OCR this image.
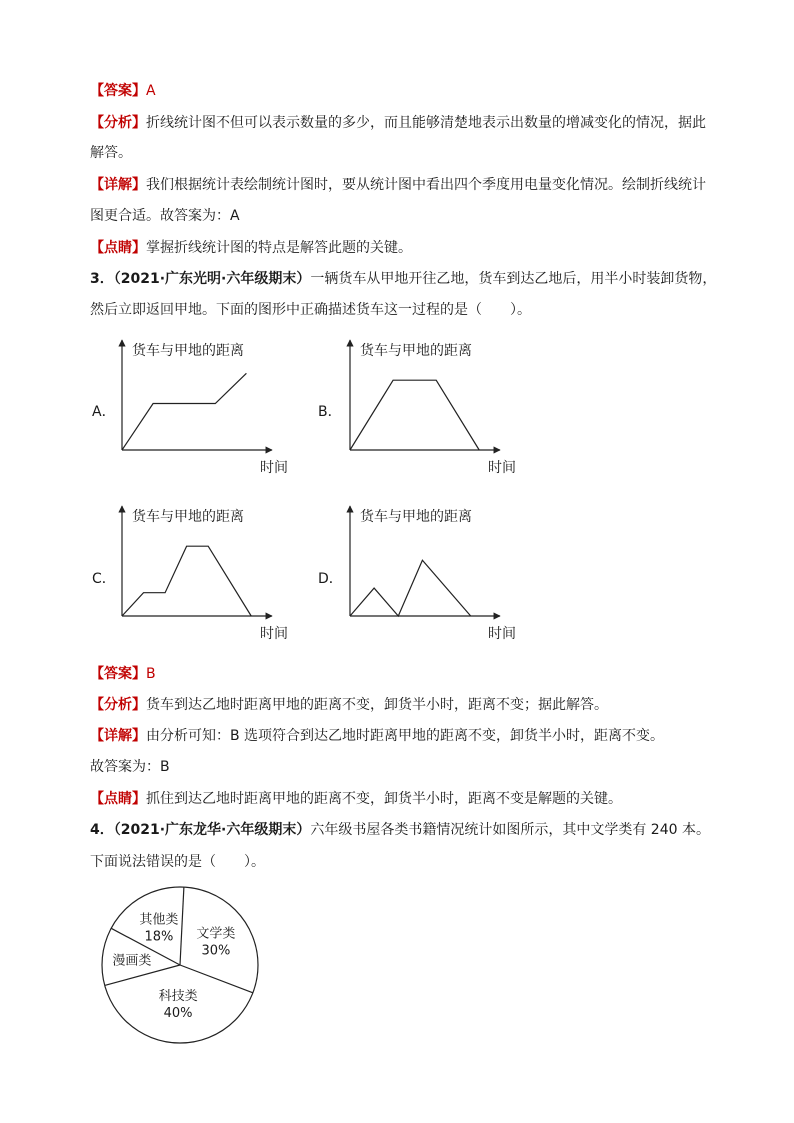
【答案】A
【分析】折线统计图不但可以表示数量的多少，而且能够清楚地表示出数量的增减变化的情况，据此
解答。
【详解】我们根据统计表绘制统计图时，要从统计图中看出四个季度用电量变化情况。绘制折线统计
图更合适。故答案为：A
【点睛】掌握折线统计图的特点是解答此题的关键。
3．（2021·广东光明·六年级期末）一辆货车从甲地开往乙地，货车到达乙地后，用半小时装卸货物，
然后立即返回甲地。下面的图形中正确描述货车这一过程的是（　　）。
A．	B．
C．	D．
货车与甲地的距离
时间
货车与甲地的距离
时间
货车与甲地的距离
时间
货车与甲地的距离
时间
【答案】B
【分析】货车到达乙地时距离甲地的距离不变，卸货半小时，距离不变；据此解答。
【详解】由分析可知：B 选项符合到达乙地时距离甲地的距离不变，卸货半小时，距离不变。
故答案为：B
【点睛】抓住到达乙地时距离甲地的距离不变，卸货半小时，距离不变是解题的关键。
4．（2021·广东龙华·六年级期末）六年级书屋各类书籍情况统计如图所示，其中文学类有 240 本。
下面说法错误的是（　　）。
文学类
30%
科技类
40%
漫画类
其他类
18%
